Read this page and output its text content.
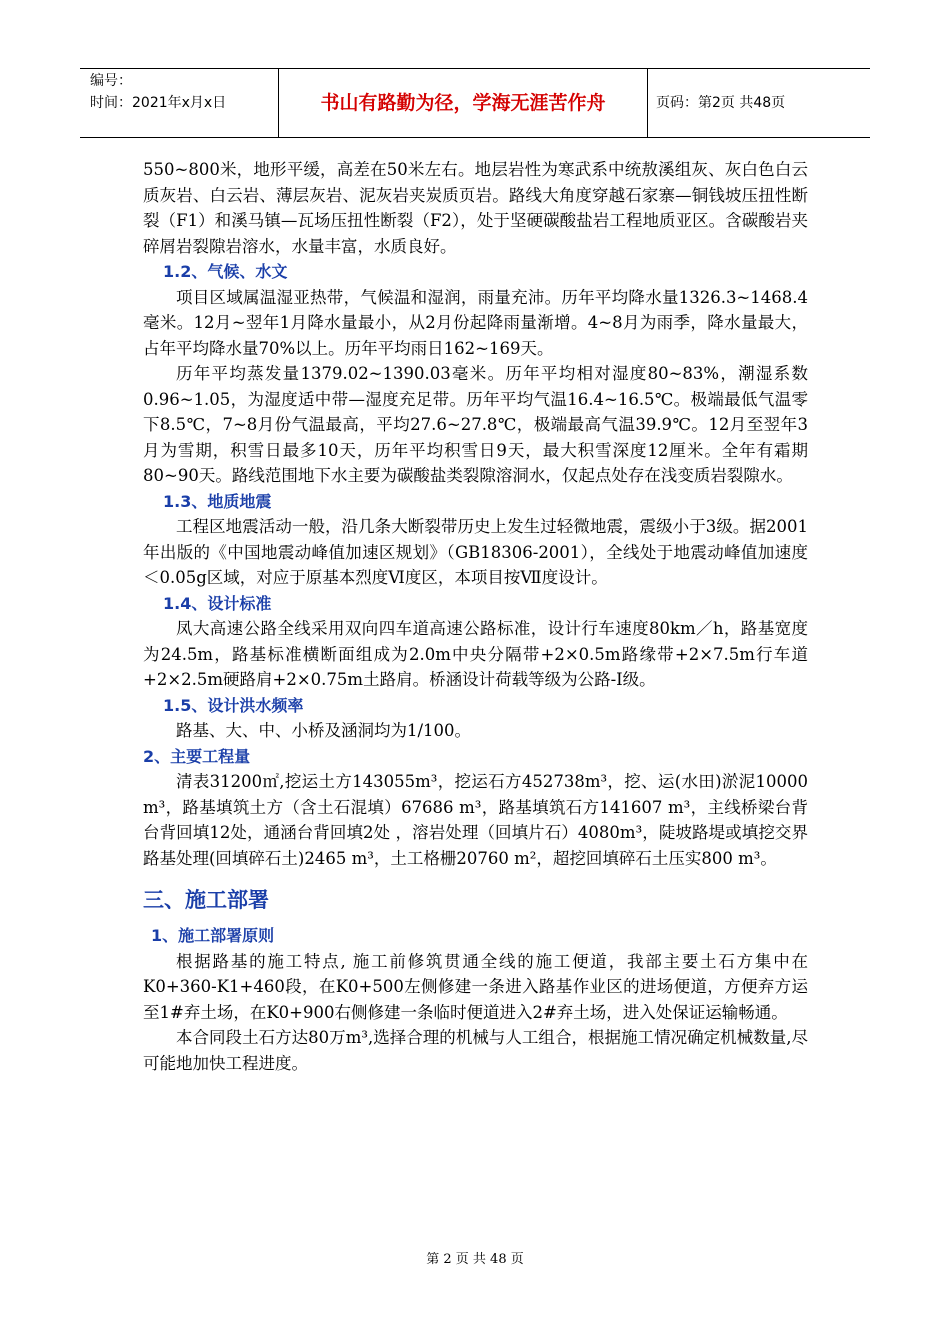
编号：
时间：2021年x月x日	书山有路勤为径，学海无涯苦作舟	页码：第2页 共48页

550~800米，地形平缓，高差在50米左右。地层岩性为寒武系中统敖溪组灰、灰白色白云质灰岩、白云岩、薄层灰岩、泥灰岩夹炭质页岩。路线大角度穿越石家寨—铜钱坡压扭性断裂（F1）和溪马镇—瓦场压扭性断裂（F2），处于坚硬碳酸盐岩工程地质亚区。含碳酸岩夹碎屑岩裂隙岩溶水，水量丰富，水质良好。

1.2、气候、水文

项目区域属温湿亚热带，气候温和湿润，雨量充沛。历年平均降水量1326.3~1468.4毫米。12月~翌年1月降水量最小，从2月份起降雨量渐增。4~8月为雨季，降水量最大，占年平均降水量70%以上。历年平均雨日162~169天。

历年平均蒸发量1379.02~1390.03毫米。历年平均相对湿度80~83%，潮湿系数0.96~1.05，为湿度适中带—湿度充足带。历年平均气温16.4~16.5℃。极端最低气温零下8.5℃，7~8月份气温最高，平均27.6~27.8℃，极端最高气温39.9℃。12月至翌年3月为雪期，积雪日最多10天，历年平均积雪日9天，最大积雪深度12厘米。全年有霜期80~90天。路线范围地下水主要为碳酸盐类裂隙溶洞水，仅起点处存在浅变质岩裂隙水。

1.3、地质地震

工程区地震活动一般，沿几条大断裂带历史上发生过轻微地震，震级小于3级。据2001年出版的《中国地震动峰值加速区规划》（GB18306-2001），全线处于地震动峰值加速度＜0.05g区域，对应于原基本烈度Ⅵ度区，本项目按Ⅶ度设计。

1.4、设计标准

凤大高速公路全线采用双向四车道高速公路标准，设计行车速度80km／h，路基宽度为24.5m，路基标准横断面组成为2.0m中央分隔带+2×0.5m路缘带+2×7.5m行车道+2×2.5m硬路肩+2×0.75m土路肩。桥涵设计荷载等级为公路-Ⅰ级。

1.5、设计洪水频率

路基、大、中、小桥及涵洞均为1/100。

2、主要工程量

清表31200㎡,挖运土方143055m³，挖运石方452738m³，挖、运(水田)淤泥10000 m³，路基填筑土方（含土石混填）67686 m³，路基填筑石方141607 m³，主线桥梁台背台背回填12处，通涵台背回填2处 ，溶岩处理（回填片石）4080m³，陡坡路堤或填挖交界路基处理(回填碎石土)2465 m³，土工格栅20760 m²，超挖回填碎石土压实800 m³。

三、施工部署

1、施工部署原则

根据路基的施工特点, 施工前修筑贯通全线的施工便道，我部主要土石方集中在K0+360-K1+460段，在K0+500左侧修建一条进入路基作业区的进场便道，方便弃方运至1#弃土场，在K0+900右侧修建一条临时便道进入2#弃土场，进入处保证运输畅通。

本合同段土石方达80万m³,选择合理的机械与人工组合，根据施工情况确定机械数量,尽可能地加快工程进度。

第 2 页 共 48 页
